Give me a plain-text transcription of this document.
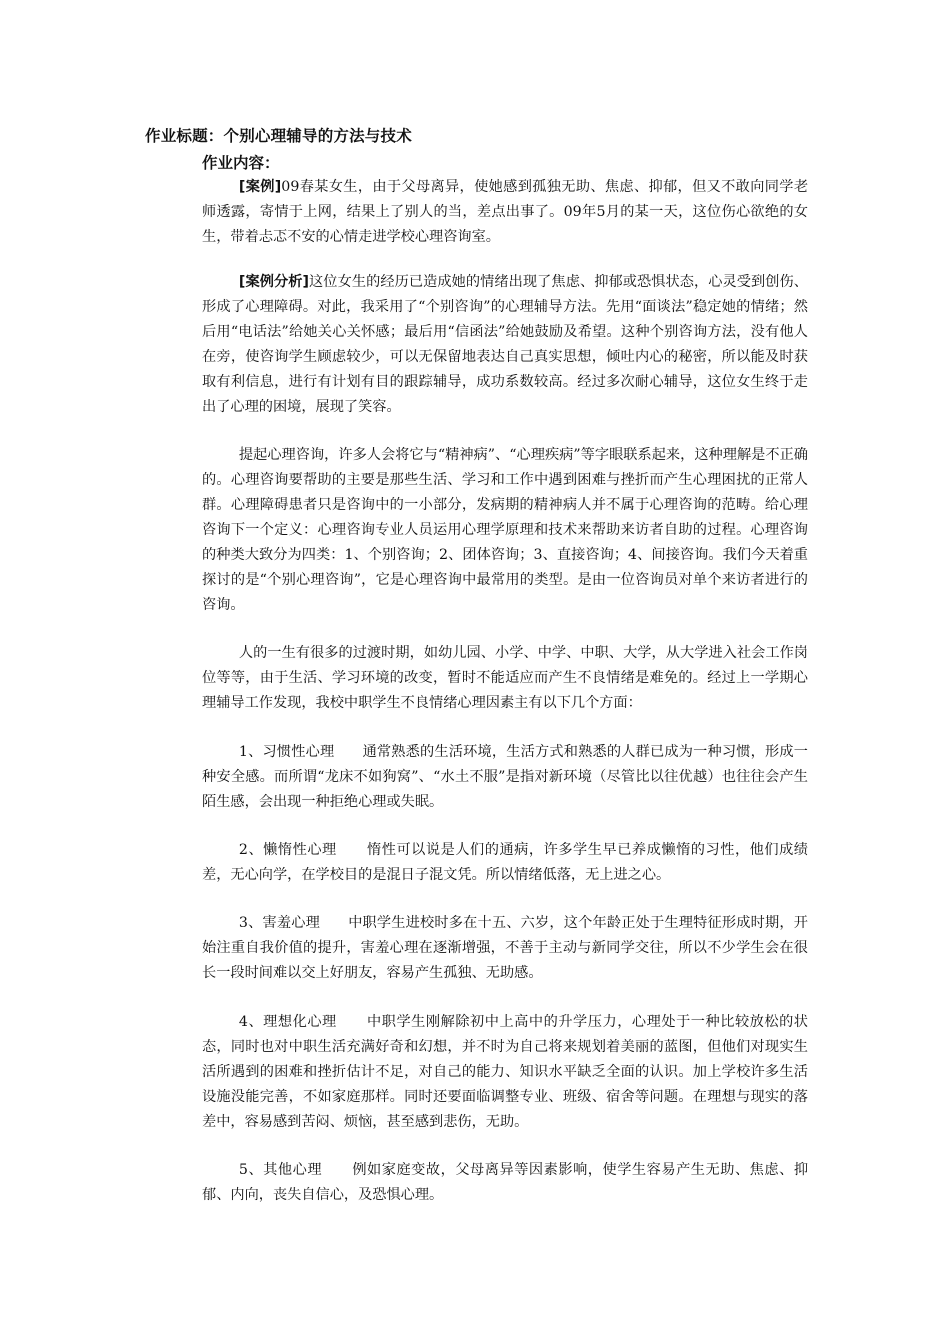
作业标题：个别心理辅导的方法与技术
作业内容：

[案例]09春某女生，由于父母离异，使她感到孤独无助、焦虑、抑郁，但又不敢向同学老师透露，寄情于上网，结果上了别人的当，差点出事了。09年5月的某一天，这位伤心欲绝的女生，带着忐忑不安的心情走进学校心理咨询室。

[案例分析]这位女生的经历已造成她的情绪出现了焦虑、抑郁或恐惧状态，心灵受到创伤、形成了心理障碍。对此，我采用了“个别咨询”的心理辅导方法。先用“面谈法”稳定她的情绪；然后用“电话法”给她关心关怀感；最后用“信函法”给她鼓励及希望。这种个别咨询方法，没有他人在旁，使咨询学生顾虑较少，可以无保留地表达自己真实思想，倾吐内心的秘密，所以能及时获取有利信息，进行有计划有目的跟踪辅导，成功系数较高。经过多次耐心辅导，这位女生终于走出了心理的困境，展现了笑容。

提起心理咨询，许多人会将它与“精神病”、“心理疾病”等字眼联系起来，这种理解是不正确的。心理咨询要帮助的主要是那些生活、学习和工作中遇到困难与挫折而产生心理困扰的正常人群。心理障碍患者只是咨询中的一小部分，发病期的精神病人并不属于心理咨询的范畴。给心理咨询下一个定义：心理咨询专业人员运用心理学原理和技术来帮助来访者自助的过程。心理咨询的种类大致分为四类：1、个别咨询；2、团体咨询；3、直接咨询；4、间接咨询。我们今天着重探讨的是“个别心理咨询”，它是心理咨询中最常用的类型。是由一位咨询员对单个来访者进行的咨询。

人的一生有很多的过渡时期，如幼儿园、小学、中学、中职、大学，从大学进入社会工作岗位等等，由于生活、学习环境的改变，暂时不能适应而产生不良情绪是难免的。经过上一学期心理辅导工作发现，我校中职学生不良情绪心理因素主有以下几个方面：

1、习惯性心理 通常熟悉的生活环境，生活方式和熟悉的人群已成为一种习惯，形成一种安全感。而所谓“龙床不如狗窝”、“水土不服”是指对新环境（尽管比以往优越）也往往会产生陌生感，会出现一种拒绝心理或失眠。

2、懒惰性心理 惰性可以说是人们的通病，许多学生早已养成懒惰的习性，他们成绩差，无心向学，在学校目的是混日子混文凭。所以情绪低落，无上进之心。

3、害羞心理 中职学生进校时多在十五、六岁，这个年龄正处于生理特征形成时期，开始注重自我价值的提升，害羞心理在逐渐增强，不善于主动与新同学交往，所以不少学生会在很长一段时间难以交上好朋友，容易产生孤独、无助感。

4、理想化心理 中职学生刚解除初中上高中的升学压力，心理处于一种比较放松的状态，同时也对中职生活充满好奇和幻想，并不时为自己将来规划着美丽的蓝图，但他们对现实生活所遇到的困难和挫折估计不足，对自己的能力、知识水平缺乏全面的认识。加上学校许多生活设施没能完善，不如家庭那样。同时还要面临调整专业、班级、宿舍等问题。在理想与现实的落差中，容易感到苦闷、烦恼，甚至感到悲伤，无助。

5、其他心理 例如家庭变故，父母离异等因素影响，使学生容易产生无助、焦虑、抑郁、内向，丧失自信心，及恐惧心理。
